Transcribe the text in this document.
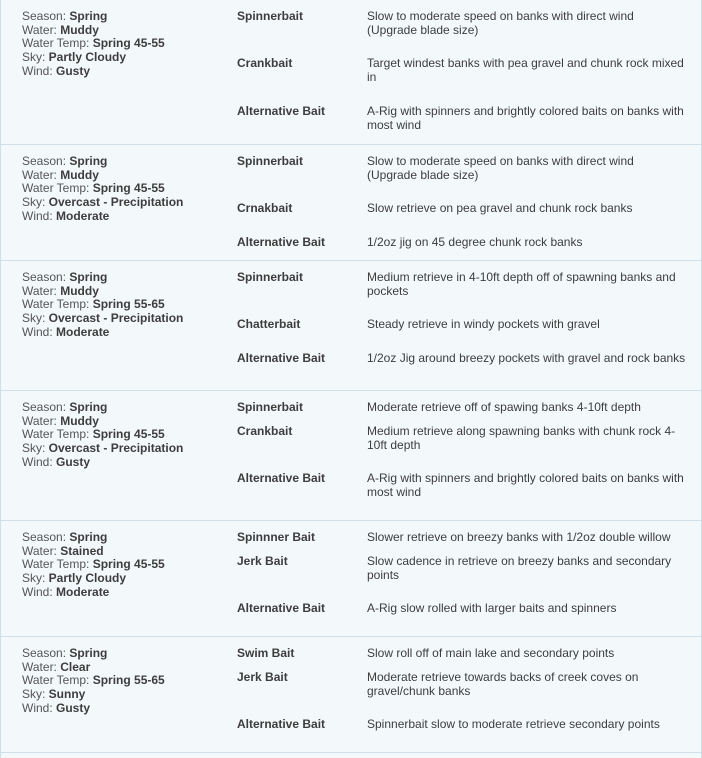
Season: Spring
Water: Muddy
Water Temp: Spring 45-55
Sky: Partly Cloudy
Wind: Gusty
Spinnerbait	Slow to moderate speed on banks with direct wind (Upgrade blade size)
Crankbait	Target windest banks with pea gravel and chunk rock mixed in
Alternative Bait	A-Rig with spinners and brightly colored baits on banks with most wind
Season: Spring
Water: Muddy
Water Temp: Spring 45-55
Sky: Overcast - Precipitation
Wind: Moderate
Spinnerbait	Slow to moderate speed on banks with direct wind (Upgrade blade size)
Crnakbait	Slow retrieve on pea gravel and chunk rock banks
Alternative Bait	1/2oz jig on 45 degree chunk rock banks
Season: Spring
Water: Muddy
Water Temp: Spring 55-65
Sky: Overcast - Precipitation
Wind: Moderate
Spinnerbait	Medium retrieve in 4-10ft depth off of spawning banks and pockets
Chatterbait	Steady retrieve in windy pockets with gravel
Alternative Bait	1/2oz Jig around breezy pockets with gravel and rock banks
Season: Spring
Water: Muddy
Water Temp: Spring 45-55
Sky: Overcast - Precipitation
Wind: Gusty
Spinnerbait	Moderate retrieve off of spawing banks 4-10ft depth
Crankbait	Medium retrieve along spawning banks with chunk rock 4-10ft depth
Alternative Bait	A-Rig with spinners and brightly colored baits on banks with most wind
Season: Spring
Water: Stained
Water Temp: Spring 45-55
Sky: Partly Cloudy
Wind: Moderate
Spinnner Bait	Slower retrieve on breezy banks with 1/2oz double willow
Jerk Bait	Slow cadence in retrieve on breezy banks and secondary points
Alternative Bait	A-Rig slow rolled with larger baits and spinners
Season: Spring
Water: Clear
Water Temp: Spring 55-65
Sky: Sunny
Wind: Gusty
Swim Bait	Slow roll off of main lake and secondary points
Jerk Bait	Moderate retrieve towards backs of creek coves on gravel/chunk banks
Alternative Bait	Spinnerbait slow to moderate retrieve secondary points
